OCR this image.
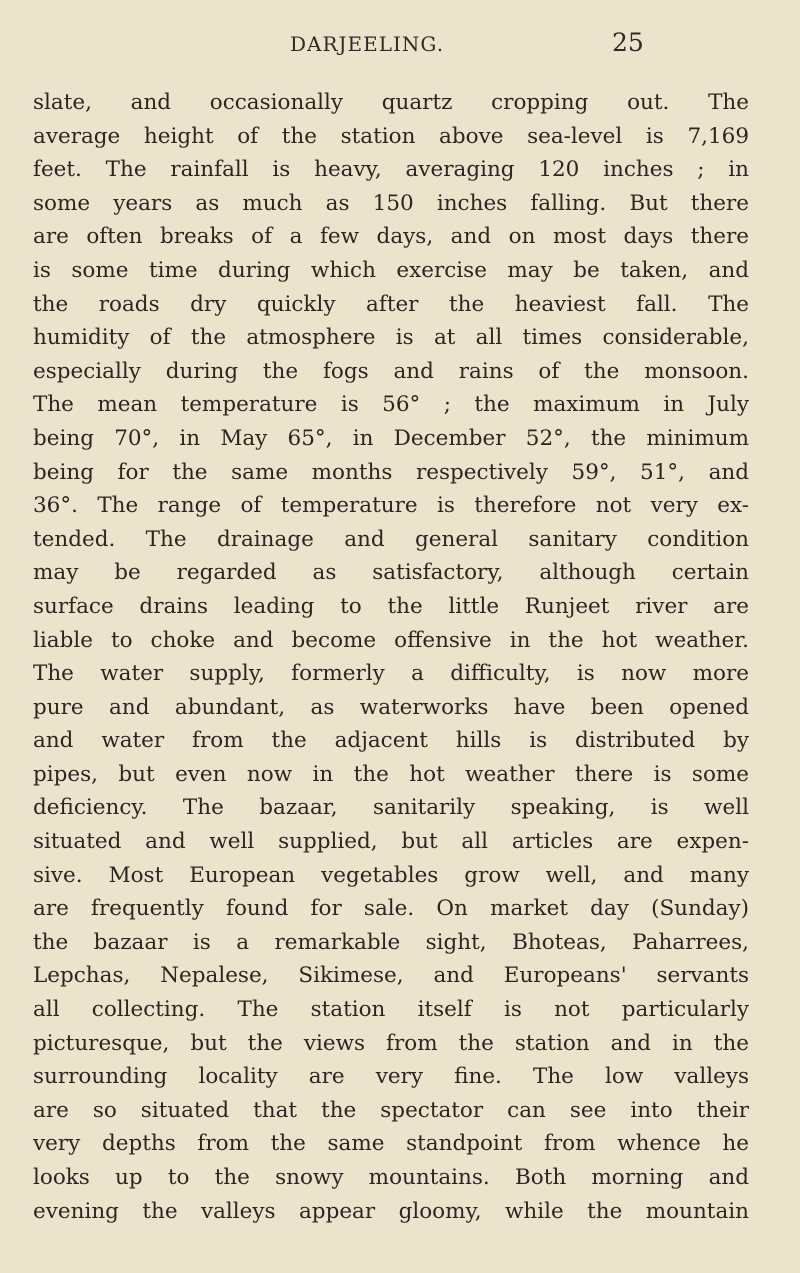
DARJEELING.	25
slate, and occasionally quartz cropping out. The
average height of the station above sea-level is 7,169
feet. The rainfall is heavy, averaging 120 inches ; in
some years as much as 150 inches falling. But there
are often breaks of a few days, and on most days there
is some time during which exercise may be taken, and
the roads dry quickly after the heaviest fall. The
humidity of the atmosphere is at all times considerable,
especially during the fogs and rains of the monsoon.
The mean temperature is 56° ; the maximum in July
being 70°, in May 65°, in December 52°, the minimum
being for the same months respectively 59°, 51°, and
36°. The range of temperature is therefore not very ex-
tended. The drainage and general sanitary condition
may be regarded as satisfactory, although certain
surface drains leading to the little Runjeet river are
liable to choke and become offensive in the hot weather.
The water supply, formerly a difficulty, is now more
pure and abundant, as waterworks have been opened
and water from the adjacent hills is distributed by
pipes, but even now in the hot weather there is some
deficiency. The bazaar, sanitarily speaking, is well
situated and well supplied, but all articles are expen-
sive. Most European vegetables grow well, and many
are frequently found for sale. On market day (Sunday)
the bazaar is a remarkable sight, Bhoteas, Paharrees,
Lepchas, Nepalese, Sikimese, and Europeans' servants
all collecting. The station itself is not particularly
picturesque, but the views from the station and in the
surrounding locality are very fine. The low valleys
are so situated that the spectator can see into their
very depths from the same standpoint from whence he
looks up to the snowy mountains. Both morning and
evening the valleys appear gloomy, while the mountain
